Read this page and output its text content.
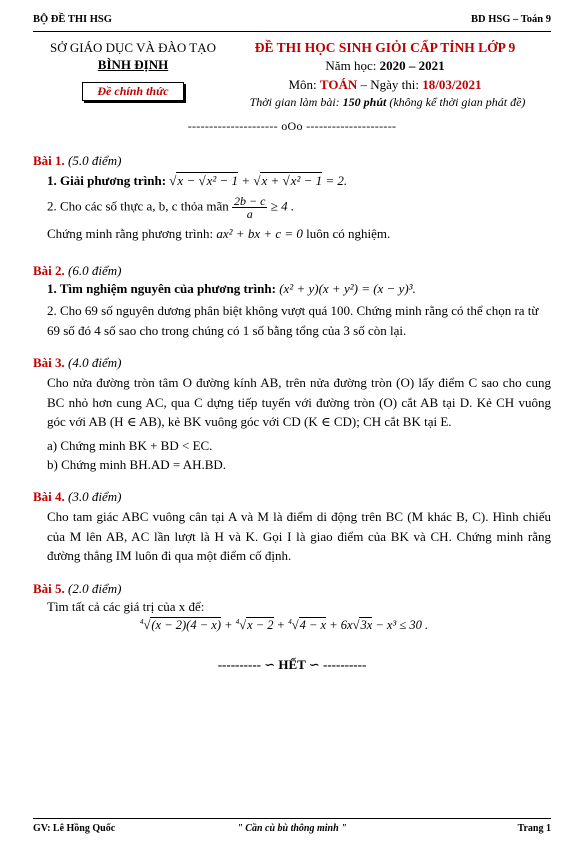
BỘ ĐỀ THI HSG	BD HSG – Toán 9
SỞ GIÁO DỤC VÀ ĐÀO TẠO
BÌNH ĐỊNH
Đề chính thức
ĐỀ THI HỌC SINH GIỎI CẤP TỈNH LỚP 9
Năm học: 2020 – 2021
Môn: TOÁN – Ngày thi: 18/03/2021
Thời gian làm bài: 150 phút (không kể thời gian phát đề)
--------------------- oOo ---------------------
Bài 1. (5.0 điểm)
1. Giải phương trình: √x − √x² − 1 + √x + √x² − 1 = 2.
2. Cho các số thực a, b, c thỏa mãn $\frac{2b - c}{a} \ge 4$ .
Chứng minh rằng phương trình: ax² + bx + c = 0 luôn có nghiệm.
Bài 2. (6.0 điểm)
1. Tìm nghiệm nguyên của phương trình: (x² + y)(x + y²) = (x − y)³.
2. Cho 69 số nguyên dương phân biệt không vượt quá 100. Chứng minh rằng có thể chọn ra từ 69 số đó 4 số sao cho trong chúng có 1 số bằng tổng của 3 số còn lại.
Bài 3. (4.0 điểm)
Cho nửa đường tròn tâm O đường kính AB, trên nửa đường tròn (O) lấy điểm C sao cho cung BC nhỏ hơn cung AC, qua C dựng tiếp tuyến với đường tròn (O) cắt AB tại D. Kẻ CH vuông góc với AB (H ∈ AB), kẻ BK vuông góc với CD (K ∈ CD); CH cắt BK tại E.
a) Chứng minh BK + BD < EC.
b) Chứng minh BH.AD = AH.BD.
Bài 4. (3.0 điểm)
Cho tam giác ABC vuông cân tại A và M là điểm di động trên BC (M khác B, C). Hình chiếu của M lên AB, AC lần lượt là H và K. Gọi I là giao điểm của BK và CH. Chứng minh rằng đường thẳng IM luôn đi qua một điểm cố định.
Bài 5. (2.0 điểm)
Tìm tất cả các giá trị của x để:
$^4$√(x − 2)(4 − x) + $^4$√x − 2 + $^4$√4 − x + 6x√3x − x³ ≤ 30 .
---------- ∽ HẾT ∽ ----------
GV: Lê Hồng Quốc	" Cần cù bù thông minh "	Trang 1
